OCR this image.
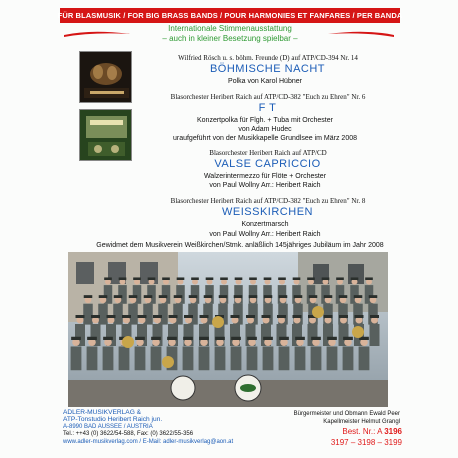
FÜR BLASMUSIK / FOR BIG BRASS BANDS / POUR HARMONIES ET FANFARES / PER BANDA
Internationale Stimmenausstattung
– auch in kleiner Besetzung spielbar –
Wilfried Rösch u. s. böhm. Freunde (D) auf ATP/CD-394 Nr. 14
BÖHMISCHE NACHT
Polka von Karol Hübner
Blasorchester Heribert Raich auf ATP/CD-382 "Euch zu Ehren" Nr. 6
F T
Konzertpolka für Flgh. + Tuba mit Orchester
von Adam Hudec
uraufgeführt von der Musikkapelle Grundlsee im März 2008
Blasorchester Heribert Raich auf ATP/CD
VALSE CAPRICCIO
Walzerintermezzo für Flöte + Orchester
von Paul Wollny Arr.: Heribert Raich
Blasorchester Heribert Raich auf ATP/CD-382 "Euch zu Ehren" Nr. 8
WEISSKIRCHEN
Konzertmarsch
von Paul Wollny Arr.: Heribert Raich
Gewidmet dem Musikverein Weißkirchen/Stmk. anläßlich 145jähriges Jubiläum im Jahr 2008
ADLER-MUSIKVERLAG &
ATP-Tonstudio Heribert Raich jun.
A-8990 BAD AUSSEE / AUSTRIA
Tel.: ++43 (0) 3622/54-588, Fax: (0) 3622/55-356
www.adler-musikverlag.com / E-Mail: adler-musikverlag@aon.at
Bürgermeister und Obmann Ewald Peer
Kapellmeister Helmut Grangl
Best. Nr.: A 3196
3197 – 3198 – 3199
